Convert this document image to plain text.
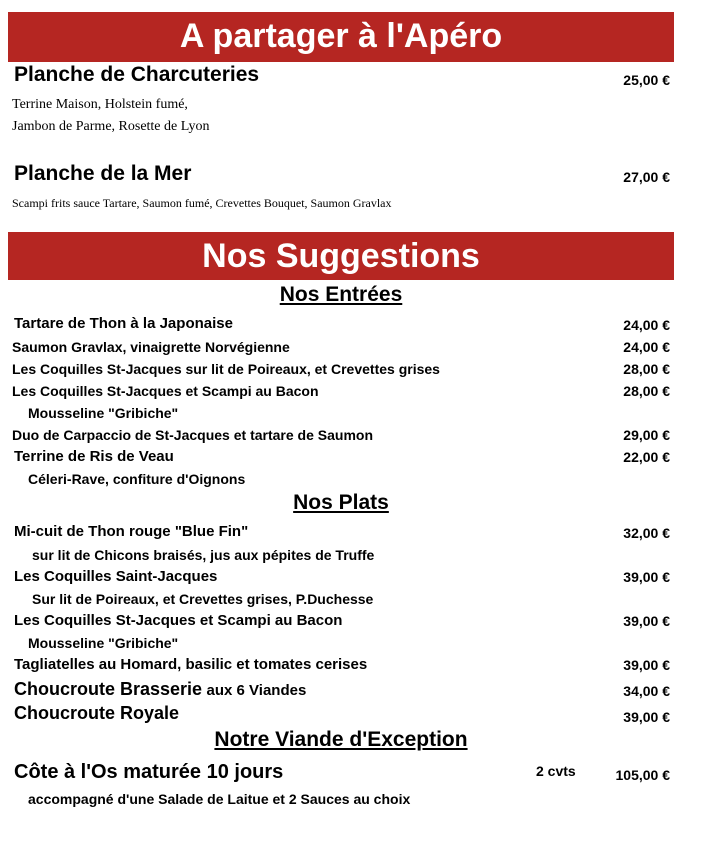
A partager à l'Apéro
Planche de Charcuteries	25,00 €
Terrine Maison, Holstein fumé,
Jambon de Parme, Rosette de Lyon
Planche de la Mer	27,00 €
Scampi frits sauce Tartare, Saumon fumé, Crevettes Bouquet, Saumon Gravlax
Nos Suggestions
Nos Entrées
Tartare de Thon à la Japonaise	24,00 €
Saumon Gravlax, vinaigrette Norvégienne	24,00 €
Les Coquilles St-Jacques sur lit de Poireaux, et Crevettes grises	28,00 €
Les Coquilles St-Jacques et Scampi au Bacon	28,00 €
Mousseline "Gribiche"
Duo de Carpaccio de St-Jacques et tartare de Saumon	29,00 €
Terrine de Ris de Veau	22,00 €
Céleri-Rave, confiture d'Oignons
Nos Plats
Mi-cuit de Thon rouge "Blue Fin"	32,00 €
sur lit de Chicons braisés, jus aux pépites de Truffe
Les Coquilles Saint-Jacques	39,00 €
Sur lit de Poireaux, et Crevettes grises, P.Duchesse
Les Coquilles St-Jacques et Scampi au Bacon	39,00 €
Mousseline "Gribiche"
Tagliatelles au Homard, basilic et tomates cerises	39,00 €
Choucroute Brasserie aux 6 Viandes	34,00 €
Choucroute Royale	39,00 €
Notre Viande d'Exception
Côte à l'Os maturée 10 jours	2 cvts	105,00 €
accompagné d'une Salade de Laitue et 2 Sauces au choix
